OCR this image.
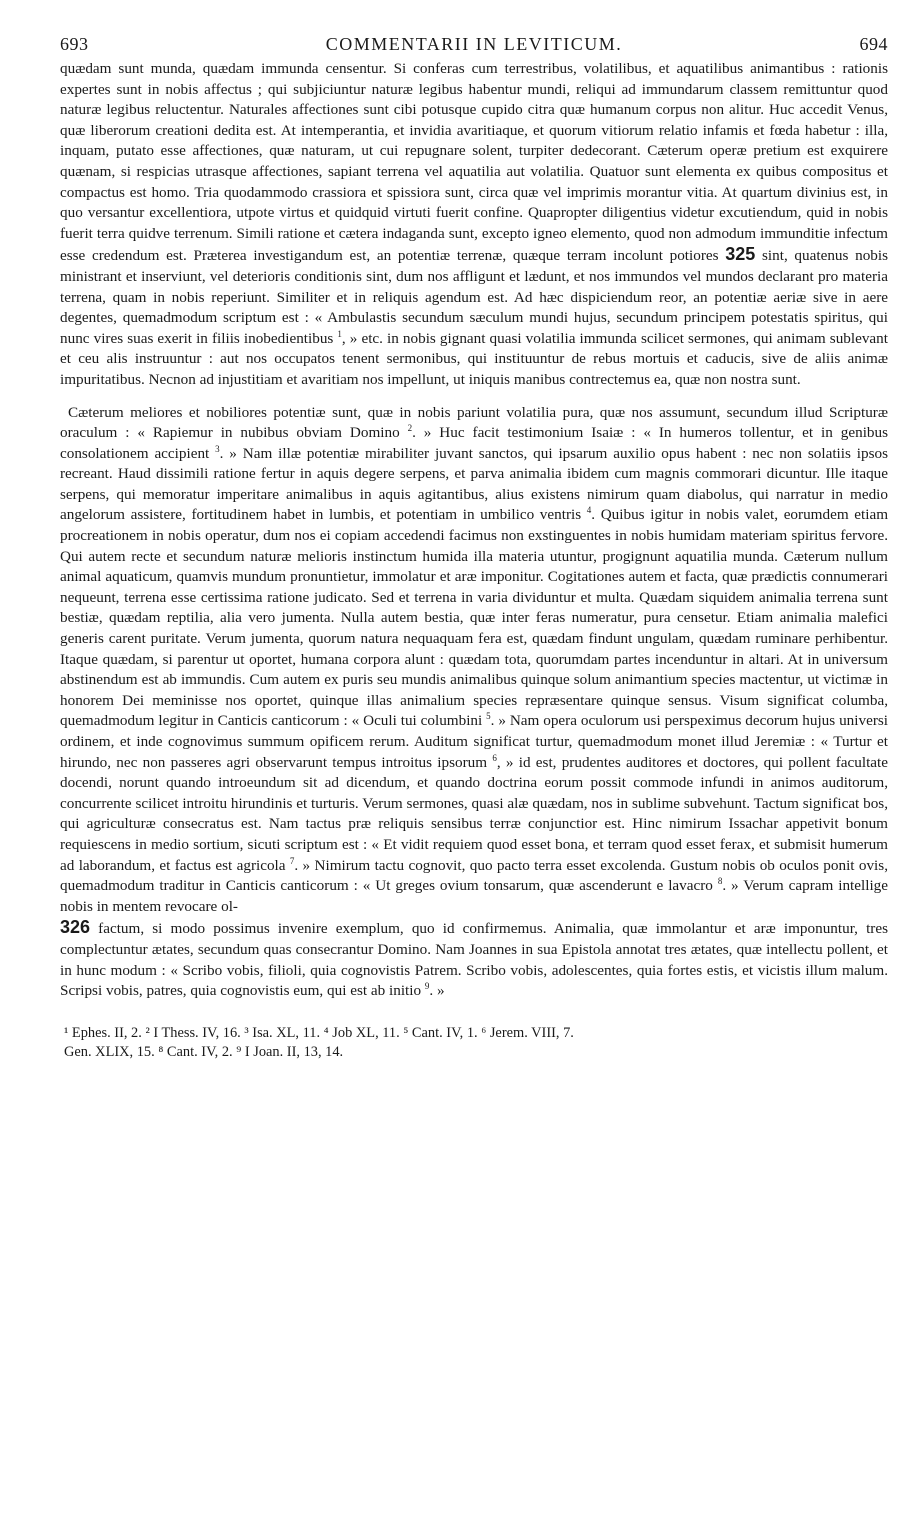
693	COMMENTARII IN LEVITICUM.	694

quædam sunt munda, quædam immunda censentur. Si conferas cum terrestribus, volatilibus, et aquatilibus animantibus : rationis expertes sunt in nobis affectus ; qui subjiciuntur naturæ legibus habentur mundi, reliqui ad immundarum classem remittuntur quod naturæ legibus reluctentur. Naturales affectiones sunt cibi potusque cupido citra quæ humanum corpus non alitur. Huc accedit Venus, quæ liberorum creationi dedita est. At intemperantia, et invidia avaritiaque, et quorum vitiorum relatio infamis et fœda habetur : illa, inquam, putato esse affectiones, quæ naturam, ut cui repugnare solent, turpiter dedecorant. Cæterum operæ pretium est exquirere quænam, si respicias utrasque affectiones, sapiant terrena vel aquatilia aut volatilia. Quatuor sunt elementa ex quibus compositus et compactus est homo. Tria quodammodo crassiora et spissiora sunt, circa quæ vel imprimis morantur vitia. At quartum divinius est, in quo versantur excellentiora, utpote virtus et quidquid virtuti fuerit confine. Quapropter diligentius videtur excutiendum, quid in nobis fuerit terra quidve terrenum. Simili ratione et cætera indaganda sunt, excepto igneo elemento, quod non admodum immunditie infectum esse credendum est. Præterea investigandum est, an potentiæ terrenæ, quæque terram incolunt potiores 325 sint, quatenus nobis ministrant et inserviunt, vel deterioris conditionis sint, dum nos affligunt et lædunt, et nos immundos vel mundos declarant pro materia terrena, quam in nobis reperiunt. Similiter et in reliquis agendum est. Ad hæc dispiciendum reor, an potentiæ aeriæ sive in aere degentes, quemadmodum scriptum est : « Ambulastis secundum sæculum mundi hujus, secundum principem potestatis spiritus, qui nunc vires suas exerit in filiis inobedientibus $^1$, » etc. in nobis gignant quasi volatilia immunda scilicet sermones, qui animam sublevant et ceu alis instruuntur : aut nos occupatos tenent sermonibus, qui instituuntur de rebus mortuis et caducis, sive de aliis animæ impuritatibus. Necnon ad injustitiam et avaritiam nos impellunt, ut iniquis manibus contrectemus ea, quæ non nostra sunt.

Cæterum meliores et nobiliores potentiæ sunt, quæ in nobis pariunt volatilia pura, quæ nos assumunt, secundum illud Scripturæ oraculum : « Rapiemur in nubibus obviam Domino $^2$. » Huc facit testimonium Isaiæ : « In humeros tollentur, et in genibus consolationem accipient $^3$. » Nam illæ potentiæ mirabiliter juvant sanctos, qui ipsarum auxilio opus habent : nec non solatiis ipsos recreant. Haud dissimili ratione fertur in aquis degere serpens, et parva animalia ibidem cum magnis commorari dicuntur. Ille itaque serpens, qui memoratur imperitare animalibus in aquis agitantibus, alius existens nimirum quam diabolus, qui narratur in medio angelorum assistere, fortitudinem habet in lumbis, et potentiam in umbilico ventris $^4$. Quibus igitur in nobis valet, eorumdem etiam procreationem in nobis operatur, dum nos ei copiam accedendi facimus non exstinguentes in nobis humidam materiam spiritus fervore. Qui autem recte et secundum naturæ melioris instinctum humida illa materia utuntur, progignunt aquatilia munda. Cæterum nullum animal aquaticum, quamvis mundum pronuntietur, immolatur et aræ imponitur. Cogitationes autem et facta, quæ prædictis connumerari nequeunt, terrena esse certissima ratione judicato. Sed et terrena in varia dividuntur et multa. Quædam siquidem animalia terrena sunt bestiæ, quædam reptilia, alia vero jumenta. Nulla autem bestia, quæ inter feras numeratur, pura censetur. Etiam animalia malefici generis carent puritate. Verum jumenta, quorum natura nequaquam fera est, quædam findunt ungulam, quædam ruminare perhibentur. Itaque quædam, si parentur ut oportet, humana corpora alunt : quædam tota, quorumdam partes incenduntur in altari. At in universum abstinendum est ab immundis. Cum autem ex puris seu mundis animalibus quinque solum animantium species mactentur, ut victimæ in honorem Dei meminisse nos oportet, quinque illas animalium species repræsentare quinque sensus. Visum significat columba, quemadmodum legitur in Canticis canticorum : « Oculi tui columbini $^5$. » Nam opera oculorum usi perspeximus decorum hujus universi ordinem, et inde cognovimus summum opificem rerum. Auditum significat turtur, quemadmodum monet illud Jeremiæ : « Turtur et hirundo, nec non passeres agri observarunt tempus introitus ipsorum $^6$, » id est, prudentes auditores et doctores, qui pollent facultate docendi, norunt quando introeundum sit ad dicendum, et quando doctrina eorum possit commode infundi in animos auditorum, concurrente scilicet introitu hirundinis et turturis. Verum sermones, quasi alæ quædam, nos in sublime subvehunt. Tactum significat bos, qui agriculturæ consecratus est. Nam tactus præ reliquis sensibus terræ conjunctior est. Hinc nimirum Issachar appetivit bonum requiescens in medio sortium, sicuti scriptum est : « Et vidit requiem quod esset bona, et terram quod esset ferax, et submisit humerum ad laborandum, et factus est agricola $^7$. » Nimirum tactu cognovit, quo pacto terra esset excolenda. Gustum nobis ob oculos ponit ovis, quemadmodum traditur in Canticis canticorum : « Ut greges ovium tonsarum, quæ ascenderunt e lavacro $^8$. » Verum capram intellige nobis in mentem revocare ol-
326 factum, si modo possimus invenire exemplum, quo id confirmemus. Animalia, quæ immolantur et aræ imponuntur, tres complectuntur ætates, secundum quas consecrantur Domino. Nam Joannes in sua Epistola annotat tres ætates, quæ intellectu pollent, et in hunc modum : « Scribo vobis, filioli, quia cognovistis Patrem. Scribo vobis, adolescentes, quia fortes estis, et vicistis illum malum. Scripsi vobis, patres, quia cognovistis eum, qui est ab initio $^9$. »

¹ Ephes. II, 2. ² I Thess. IV, 16. ³ Isa. XL, 11. ⁴ Job XL, 11. ⁵ Cant. IV, 1. ⁶ Jerem. VIII, 7.
Gen. XLIX, 15. ⁸ Cant. IV, 2. ⁹ I Joan. II, 13, 14.
